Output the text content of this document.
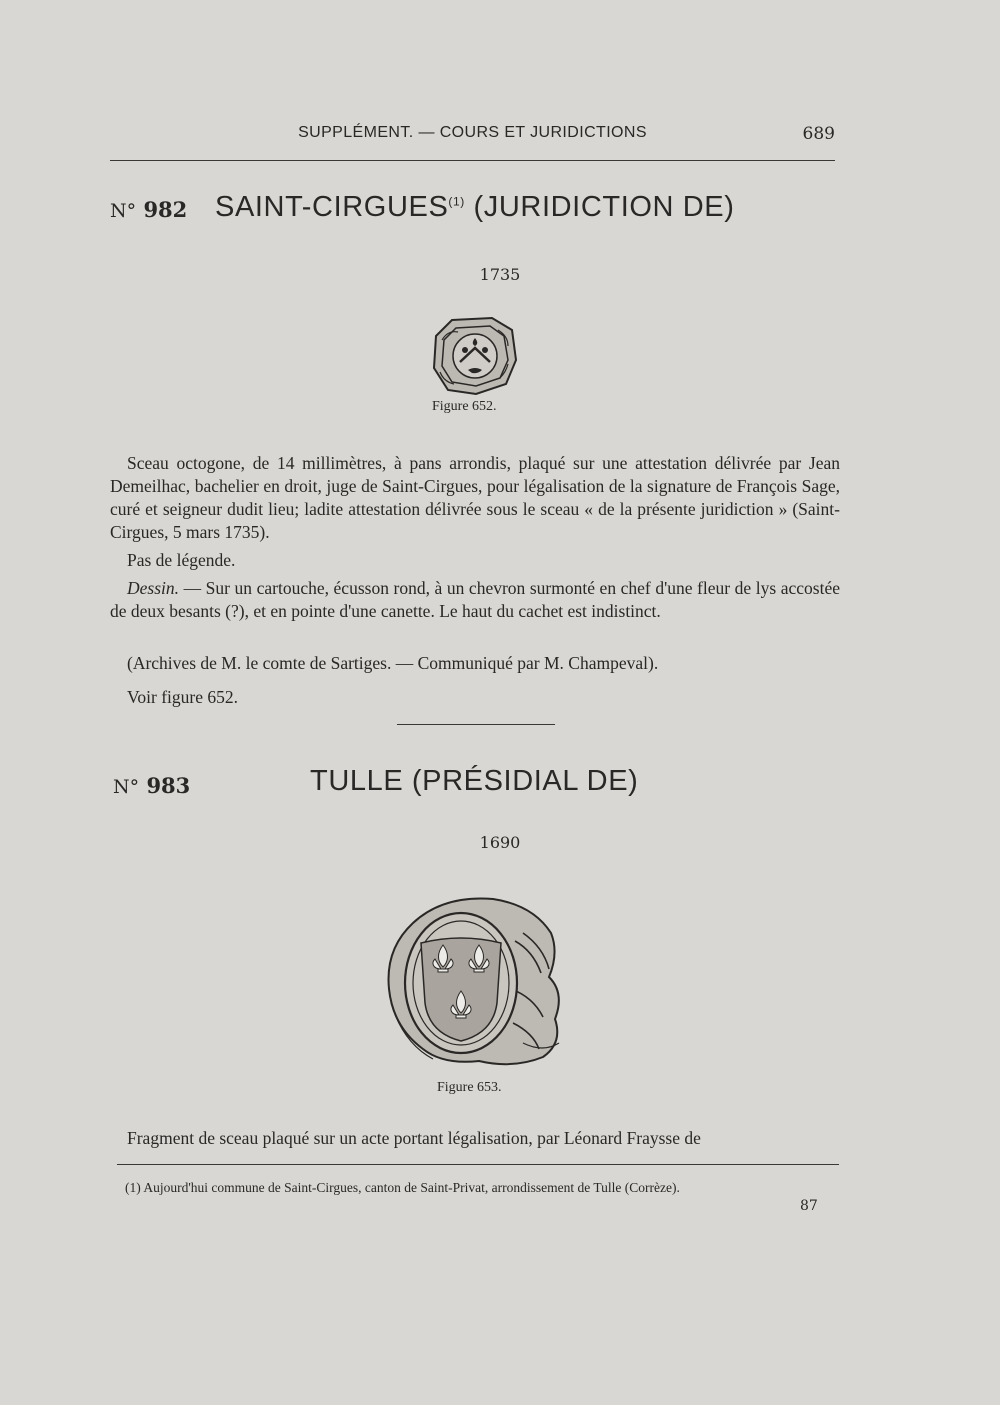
SUPPLÉMENT. — COURS ET JURIDICTIONS	689
N° 982 SAINT-CIRGUES$^{(1)}$ (JURIDICTION DE)
1735
Figure 652.

Sceau octogone, de 14 millimètres, à pans arrondis, plaqué sur une attestation délivrée par Jean Demeilhac, bachelier en droit, juge de Saint-Cirgues, pour légalisation de la signature de François Sage, curé et seigneur dudit lieu; ladite attestation délivrée sous le sceau « de la présente juridiction » (Saint-Cirgues, 5 mars 1735).

Pas de légende.

Dessin. — Sur un cartouche, écusson rond, à un chevron surmonté en chef d'une fleur de lys accostée de deux besants (?), et en pointe d'une canette. Le haut du cachet est indistinct.

(Archives de M. le comte de Sartiges. — Communiqué par M. Champeval).

Voir figure 652.

N° 983	TULLE (PRÉSIDIAL DE)
1690
Figure 653.

Fragment de sceau plaqué sur un acte portant légalisation, par Léonard Fraysse de

(1) Aujourd'hui commune de Saint-Cirgues, canton de Saint-Privat, arrondissement de Tulle (Corrèze).
87
